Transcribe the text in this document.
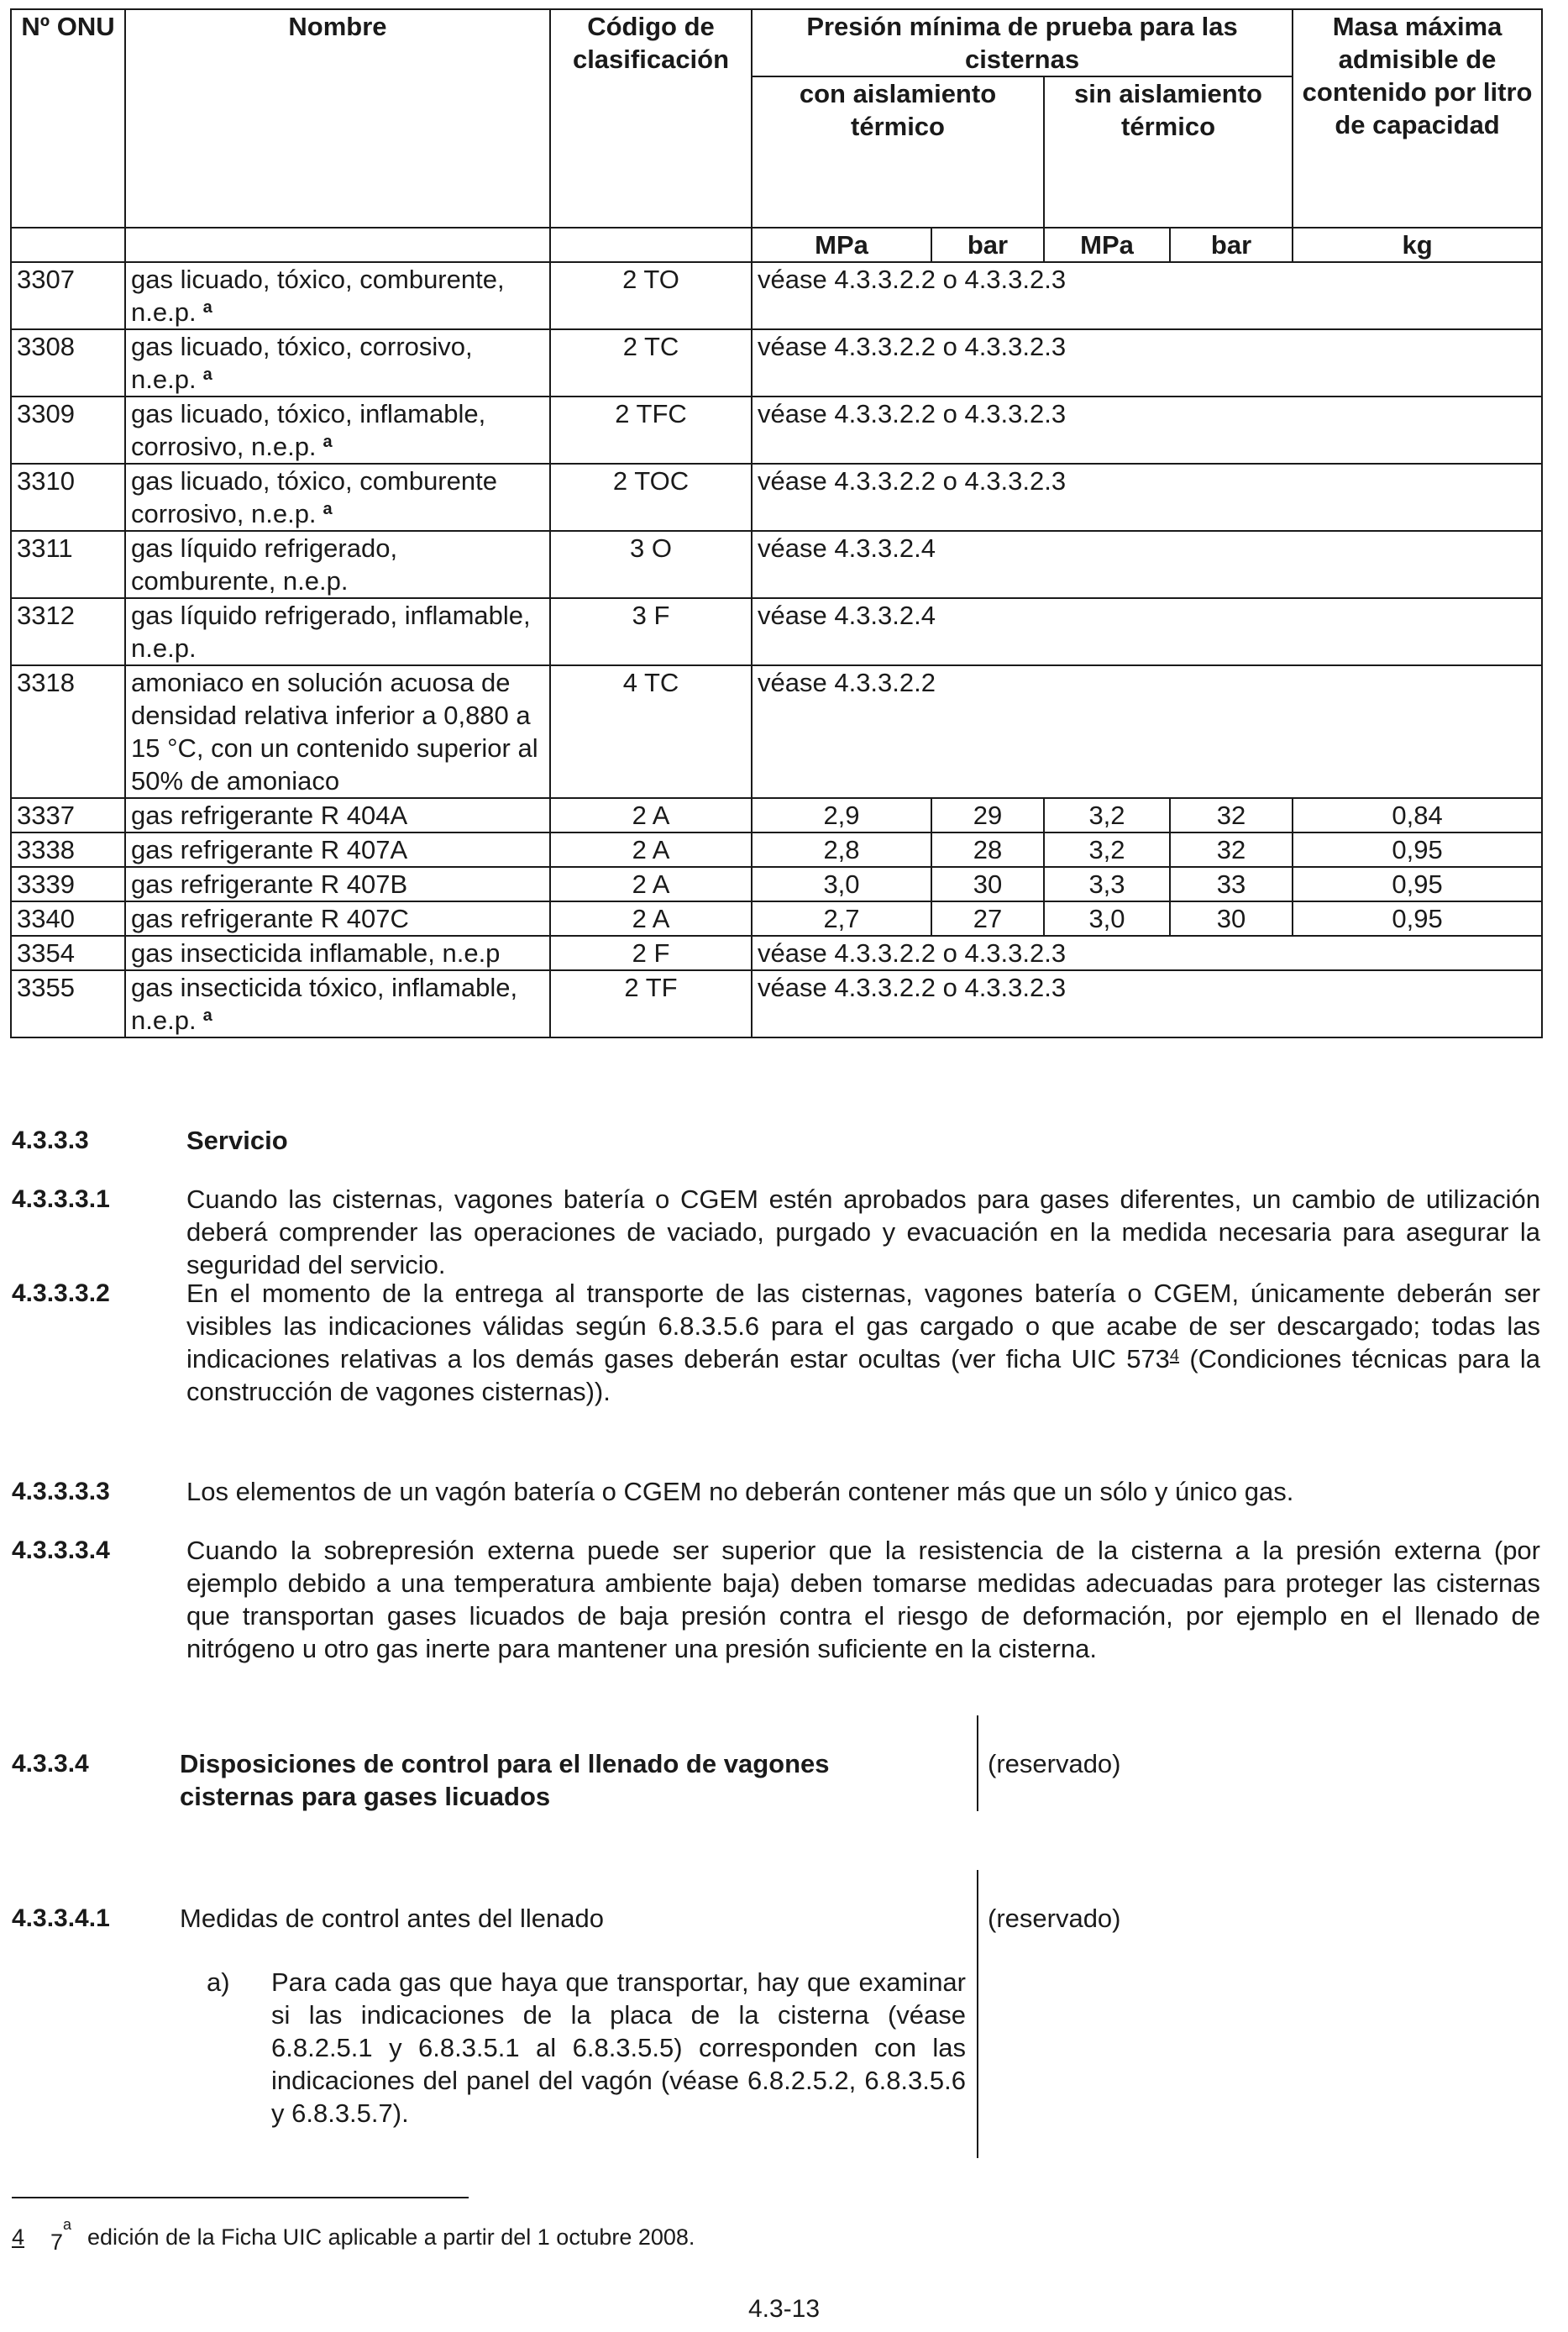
Nº ONU	Nombre	Código de clasificación	Presión mínima de prueba para las cisternas				Masa máxima admisible de contenido por litro de capacidad
			con aislamiento térmico		sin aislamiento térmico		

			MPa	bar	MPa	bar	kg
3307	gas licuado, tóxico, comburente, n.e.p. $^a$	2 TO	véase 4.3.3.2.2 o 4.3.3.2.3				
3308	gas licuado, tóxico, corrosivo, n.e.p. $^a$	2 TC	véase 4.3.3.2.2 o 4.3.3.2.3				
3309	gas licuado, tóxico, inflamable, corrosivo, n.e.p. $^a$	2 TFC	véase 4.3.3.2.2 o 4.3.3.2.3				
3310	gas licuado, tóxico, comburente corrosivo, n.e.p. $^a$	2 TOC	véase 4.3.3.2.2 o 4.3.3.2.3				
3311	gas líquido refrigerado, comburente, n.e.p.	3 O	véase 4.3.3.2.4				
3312	gas líquido refrigerado, inflamable, n.e.p.	3 F	véase 4.3.3.2.4				
3318	amoniaco en solución acuosa de densidad relativa inferior a 0,880 a 15 °C, con un contenido superior al 50% de amoniaco	4 TC	véase 4.3.3.2.2				
3337	gas refrigerante R 404A	2 A	2,9	29	3,2	32	0,84
3338	gas refrigerante R 407A	2 A	2,8	28	3,2	32	0,95
3339	gas refrigerante R 407B	2 A	3,0	30	3,3	33	0,95
3340	gas refrigerante R 407C	2 A	2,7	27	3,0	30	0,95
3354	gas insecticida inflamable, n.e.p	2 F	véase 4.3.3.2.2 o 4.3.3.2.3				
3355	gas insecticida tóxico, inflamable, n.e.p. $^a$	2 TF	véase 4.3.3.2.2 o 4.3.3.2.3				
4.3.3.3	Servicio
4.3.3.3.1	Cuando las cisternas, vagones batería o CGEM estén aprobados para gases diferentes, un cambio de utilización deberá comprender las operaciones de vaciado, purgado y evacuación en la medida necesaria para asegurar la seguridad del servicio.
4.3.3.3.2	En el momento de la entrega al transporte de las cisternas, vagones batería o CGEM, únicamente deberán ser visibles las indicaciones válidas según 6.8.3.5.6 para el gas cargado o que acabe de ser descargado; todas las indicaciones relativas a los demás gases deberán estar ocultas (ver ficha UIC $573^4$ (Condiciones técnicas para la construcción de vagones cisternas)).
4.3.3.3.3	Los elementos de un vagón batería o CGEM no deberán contener más que un sólo y único gas.
4.3.3.3.4	Cuando la sobrepresión externa puede ser superior que la resistencia de la cisterna a la presión externa (por ejemplo debido a una temperatura ambiente baja) deben tomarse medidas adecuadas para proteger las cisternas que transportan gases licuados de baja presión contra el riesgo de deformación, por ejemplo en el llenado de nitrógeno u otro gas inerte para mantener una presión suficiente en la cisterna.
4.3.3.4	Disposiciones de control para el llenado de vagones cisternas para gases licuados
(reservado)
4.3.3.4.1	Medidas de control antes del llenado	(reservado)
a) Para cada gas que haya que transportar, hay que examinar si las indicaciones de la placa de la cisterna (véase 6.8.2.5.1 y 6.8.3.5.1 al 6.8.3.5.5) corresponden con las indicaciones del panel del vagón (véase 6.8.2.5.2, 6.8.3.5.6 y 6.8.3.5.7).
4 7$^a$ edición de la Ficha UIC aplicable a partir del 1 octubre 2008.
4.3-13
